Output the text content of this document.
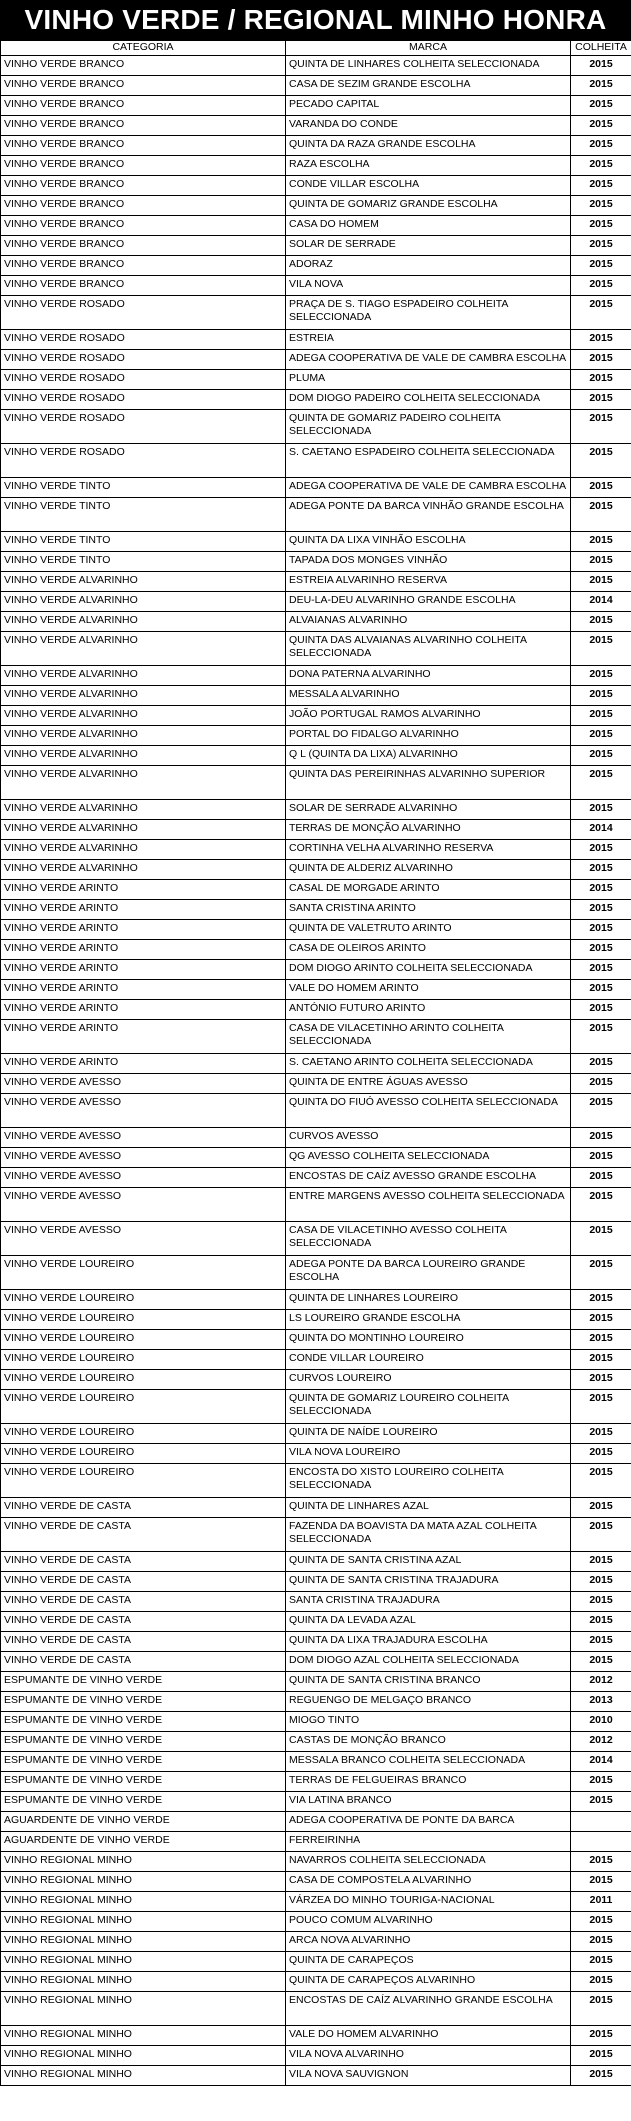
VINHO VERDE / REGIONAL MINHO HONRA
CATEGORIA	MARCA	COLHEITA
VINHO VERDE BRANCO	QUINTA DE LINHARES COLHEITA SELECCIONADA	2015
VINHO VERDE BRANCO	CASA DE SEZIM GRANDE ESCOLHA	2015
VINHO VERDE BRANCO	PECADO CAPITAL	2015
VINHO VERDE BRANCO	VARANDA DO CONDE	2015
VINHO VERDE BRANCO	QUINTA DA RAZA GRANDE ESCOLHA	2015
VINHO VERDE BRANCO	RAZA ESCOLHA	2015
VINHO VERDE BRANCO	CONDE VILLAR ESCOLHA	2015
VINHO VERDE BRANCO	QUINTA DE GOMARIZ GRANDE ESCOLHA	2015
VINHO VERDE BRANCO	CASA DO HOMEM	2015
VINHO VERDE BRANCO	SOLAR DE SERRADE	2015
VINHO VERDE BRANCO	ADORAZ	2015
VINHO VERDE BRANCO	VILA NOVA	2015
VINHO VERDE ROSADO	PRAÇA DE S. TIAGO ESPADEIRO COLHEITA SELECCIONADA	2015
VINHO VERDE ROSADO	ESTREIA	2015
VINHO VERDE ROSADO	ADEGA COOPERATIVA DE VALE DE CAMBRA ESCOLHA	2015
VINHO VERDE ROSADO	PLUMA	2015
VINHO VERDE ROSADO	DOM DIOGO PADEIRO COLHEITA SELECCIONADA	2015
VINHO VERDE ROSADO	QUINTA DE GOMARIZ PADEIRO COLHEITA SELECCIONADA	2015
VINHO VERDE ROSADO	S. CAETANO ESPADEIRO COLHEITA SELECCIONADA	2015
VINHO VERDE TINTO	ADEGA COOPERATIVA DE VALE DE CAMBRA ESCOLHA	2015
VINHO VERDE TINTO	ADEGA PONTE DA BARCA VINHÃO GRANDE ESCOLHA	2015
VINHO VERDE TINTO	QUINTA DA LIXA VINHÃO ESCOLHA	2015
VINHO VERDE TINTO	TAPADA DOS MONGES VINHÃO	2015
VINHO VERDE ALVARINHO	ESTREIA ALVARINHO RESERVA	2015
VINHO VERDE ALVARINHO	DEU-LA-DEU ALVARINHO GRANDE ESCOLHA	2014
VINHO VERDE ALVARINHO	ALVAIANAS ALVARINHO	2015
VINHO VERDE ALVARINHO	QUINTA DAS ALVAIANAS ALVARINHO COLHEITA SELECCIONADA	2015
VINHO VERDE ALVARINHO	DONA PATERNA ALVARINHO	2015
VINHO VERDE ALVARINHO	MESSALA ALVARINHO	2015
VINHO VERDE ALVARINHO	JOÃO PORTUGAL RAMOS ALVARINHO	2015
VINHO VERDE ALVARINHO	PORTAL DO FIDALGO ALVARINHO	2015
VINHO VERDE ALVARINHO	Q L (QUINTA DA LIXA) ALVARINHO	2015
VINHO VERDE ALVARINHO	QUINTA DAS PEREIRINHAS ALVARINHO SUPERIOR	2015
VINHO VERDE ALVARINHO	SOLAR DE SERRADE ALVARINHO	2015
VINHO VERDE ALVARINHO	TERRAS DE MONÇÃO ALVARINHO	2014
VINHO VERDE ALVARINHO	CORTINHA VELHA ALVARINHO RESERVA	2015
VINHO VERDE ALVARINHO	QUINTA DE ALDERIZ ALVARINHO	2015
VINHO VERDE ARINTO	CASAL DE MORGADE ARINTO	2015
VINHO VERDE ARINTO	SANTA CRISTINA ARINTO	2015
VINHO VERDE ARINTO	QUINTA DE VALETRUTO ARINTO	2015
VINHO VERDE ARINTO	CASA DE OLEIROS ARINTO	2015
VINHO VERDE ARINTO	DOM DIOGO ARINTO COLHEITA SELECCIONADA	2015
VINHO VERDE ARINTO	VALE DO HOMEM ARINTO	2015
VINHO VERDE ARINTO	ANTÓNIO FUTURO ARINTO	2015
VINHO VERDE ARINTO	CASA DE VILACETINHO ARINTO COLHEITA SELECCIONADA	2015
VINHO VERDE ARINTO	S. CAETANO ARINTO COLHEITA SELECCIONADA	2015
VINHO VERDE AVESSO	QUINTA DE ENTRE ÁGUAS AVESSO	2015
VINHO VERDE AVESSO	QUINTA DO FIUÓ AVESSO COLHEITA SELECCIONADA	2015
VINHO VERDE AVESSO	CURVOS AVESSO	2015
VINHO VERDE AVESSO	QG AVESSO COLHEITA SELECCIONADA	2015
VINHO VERDE AVESSO	ENCOSTAS DE CAÍZ AVESSO GRANDE ESCOLHA	2015
VINHO VERDE AVESSO	ENTRE MARGENS AVESSO COLHEITA SELECCIONADA	2015
VINHO VERDE AVESSO	CASA DE VILACETINHO AVESSO COLHEITA SELECCIONADA	2015
VINHO VERDE LOUREIRO	ADEGA PONTE DA BARCA LOUREIRO GRANDE ESCOLHA	2015
VINHO VERDE LOUREIRO	QUINTA DE LINHARES LOUREIRO	2015
VINHO VERDE LOUREIRO	LS LOUREIRO GRANDE ESCOLHA	2015
VINHO VERDE LOUREIRO	QUINTA DO MONTINHO LOUREIRO	2015
VINHO VERDE LOUREIRO	CONDE VILLAR LOUREIRO	2015
VINHO VERDE LOUREIRO	CURVOS LOUREIRO	2015
VINHO VERDE LOUREIRO	QUINTA DE GOMARIZ LOUREIRO COLHEITA SELECCIONADA	2015
VINHO VERDE LOUREIRO	QUINTA DE NAÍDE LOUREIRO	2015
VINHO VERDE LOUREIRO	VILA NOVA LOUREIRO	2015
VINHO VERDE LOUREIRO	ENCOSTA DO XISTO LOUREIRO COLHEITA SELECCIONADA	2015
VINHO VERDE DE CASTA	QUINTA DE LINHARES AZAL	2015
VINHO VERDE DE CASTA	FAZENDA DA BOAVISTA DA MATA AZAL COLHEITA SELECCIONADA	2015
VINHO VERDE DE CASTA	QUINTA DE SANTA CRISTINA AZAL	2015
VINHO VERDE DE CASTA	QUINTA DE SANTA CRISTINA TRAJADURA	2015
VINHO VERDE DE CASTA	SANTA CRISTINA TRAJADURA	2015
VINHO VERDE DE CASTA	QUINTA DA LEVADA AZAL	2015
VINHO VERDE DE CASTA	QUINTA DA LIXA TRAJADURA ESCOLHA	2015
VINHO VERDE DE CASTA	DOM DIOGO AZAL COLHEITA SELECCIONADA	2015
ESPUMANTE DE VINHO VERDE	QUINTA DE SANTA CRISTINA BRANCO	2012
ESPUMANTE DE VINHO VERDE	REGUENGO DE MELGAÇO BRANCO	2013
ESPUMANTE DE VINHO VERDE	MIOGO TINTO	2010
ESPUMANTE DE VINHO VERDE	CASTAS DE MONÇÃO BRANCO	2012
ESPUMANTE DE VINHO VERDE	MESSALA BRANCO COLHEITA SELECCIONADA	2014
ESPUMANTE DE VINHO VERDE	TERRAS DE FELGUEIRAS BRANCO	2015
ESPUMANTE DE VINHO VERDE	VIA LATINA BRANCO	2015
AGUARDENTE DE VINHO VERDE	ADEGA COOPERATIVA DE PONTE DA BARCA	
AGUARDENTE DE VINHO VERDE	FERREIRINHA	
VINHO REGIONAL MINHO	NAVARROS COLHEITA SELECCIONADA	2015
VINHO REGIONAL MINHO	CASA DE COMPOSTELA ALVARINHO	2015
VINHO REGIONAL MINHO	VÁRZEA DO MINHO TOURIGA-NACIONAL	2011
VINHO REGIONAL MINHO	POUCO COMUM ALVARINHO	2015
VINHO REGIONAL MINHO	ARCA NOVA ALVARINHO	2015
VINHO REGIONAL MINHO	QUINTA DE CARAPEÇOS	2015
VINHO REGIONAL MINHO	QUINTA DE CARAPEÇOS ALVARINHO	2015
VINHO REGIONAL MINHO	ENCOSTAS DE CAÍZ ALVARINHO GRANDE ESCOLHA	2015
VINHO REGIONAL MINHO	VALE DO HOMEM ALVARINHO	2015
VINHO REGIONAL MINHO	VILA NOVA ALVARINHO	2015
VINHO REGIONAL MINHO	VILA NOVA SAUVIGNON	2015
